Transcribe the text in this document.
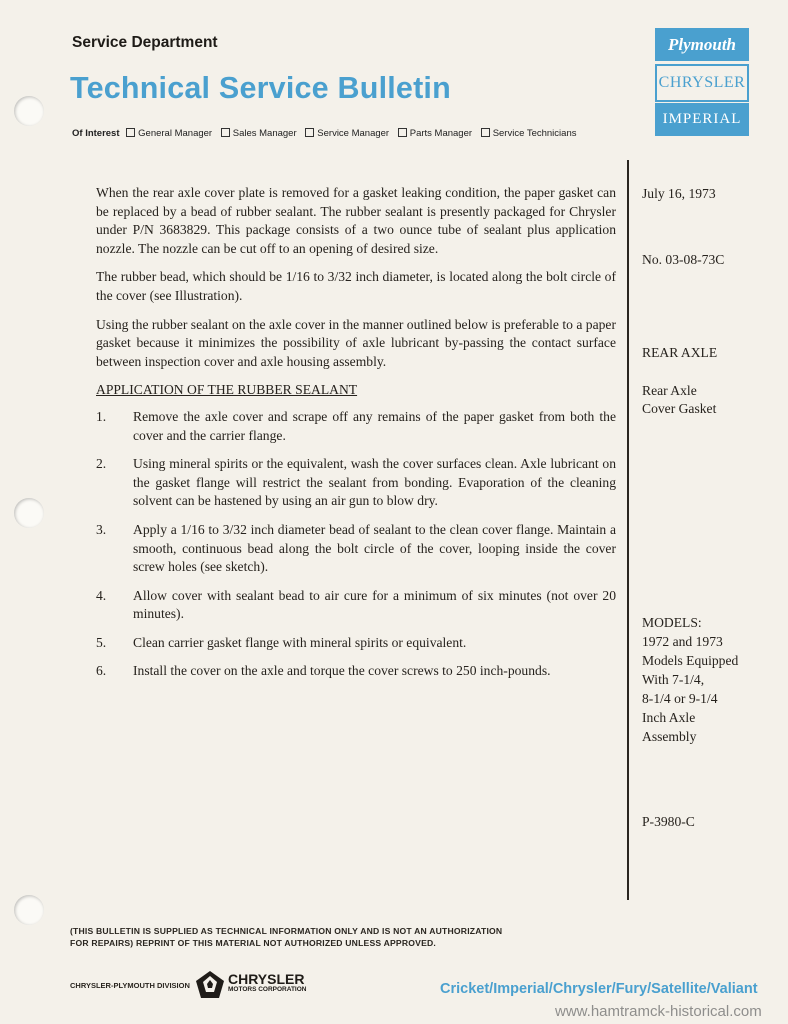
Service Department
Technical Service Bulletin
Of Interest General Manager Sales Manager Service Manager Parts Manager Service Technicians
Plymouth
CHRYSLER
IMPERIAL

When the rear axle cover plate is removed for a gasket leaking condition, the paper gasket can be replaced by a bead of rubber sealant. The rubber sealant is presently packaged for Chrysler under P/N 3683829. This package consists of a two ounce tube of sealant plus application nozzle. The nozzle can be cut off to an opening of desired size.

The rubber bead, which should be 1/16 to 3/32 inch diameter, is located along the bolt circle of the cover (see Illustration).

Using the rubber sealant on the axle cover in the manner outlined below is preferable to a paper gasket because it minimizes the possibility of axle lubricant by-passing the contact surface between inspection cover and axle housing assembly.

APPLICATION OF THE RUBBER SEALANT
1.	Remove the axle cover and scrape off any remains of the paper gasket from both the cover and the carrier flange.
2.	Using mineral spirits or the equivalent, wash the cover surfaces clean. Axle lubricant on the gasket flange will restrict the sealant from bonding. Evaporation of the cleaning solvent can be hastened by using an air gun to blow dry.
3.	Apply a 1/16 to 3/32 inch diameter bead of sealant to the clean cover flange. Maintain a smooth, continuous bead along the bolt circle of the cover, looping inside the cover screw holes (see sketch).
4.	Allow cover with sealant bead to air cure for a minimum of six minutes (not over 20 minutes).
5.	Clean carrier gasket flange with mineral spirits or equivalent.
6.	Install the cover on the axle and torque the cover screws to 250 inch-pounds.
July 16, 1973
No. 03-08-73C
REAR AXLE
Rear Axle
Cover Gasket
MODELS:
1972 and 1973
Models Equipped
With 7-1/4,
8-1/4 or 9-1/4
Inch Axle
Assembly
P-3980-C
(THIS BULLETIN IS SUPPLIED AS TECHNICAL INFORMATION ONLY AND IS NOT AN AUTHORIZATION
FOR REPAIRS) REPRINT OF THIS MATERIAL NOT AUTHORIZED UNLESS APPROVED.
CHRYSLER-PLYMOUTH DIVISION	CHRYSLER
MOTORS CORPORATION	Cricket/Imperial/Chrysler/Fury/Satellite/Valiant
www.hamtramck-historical.com
